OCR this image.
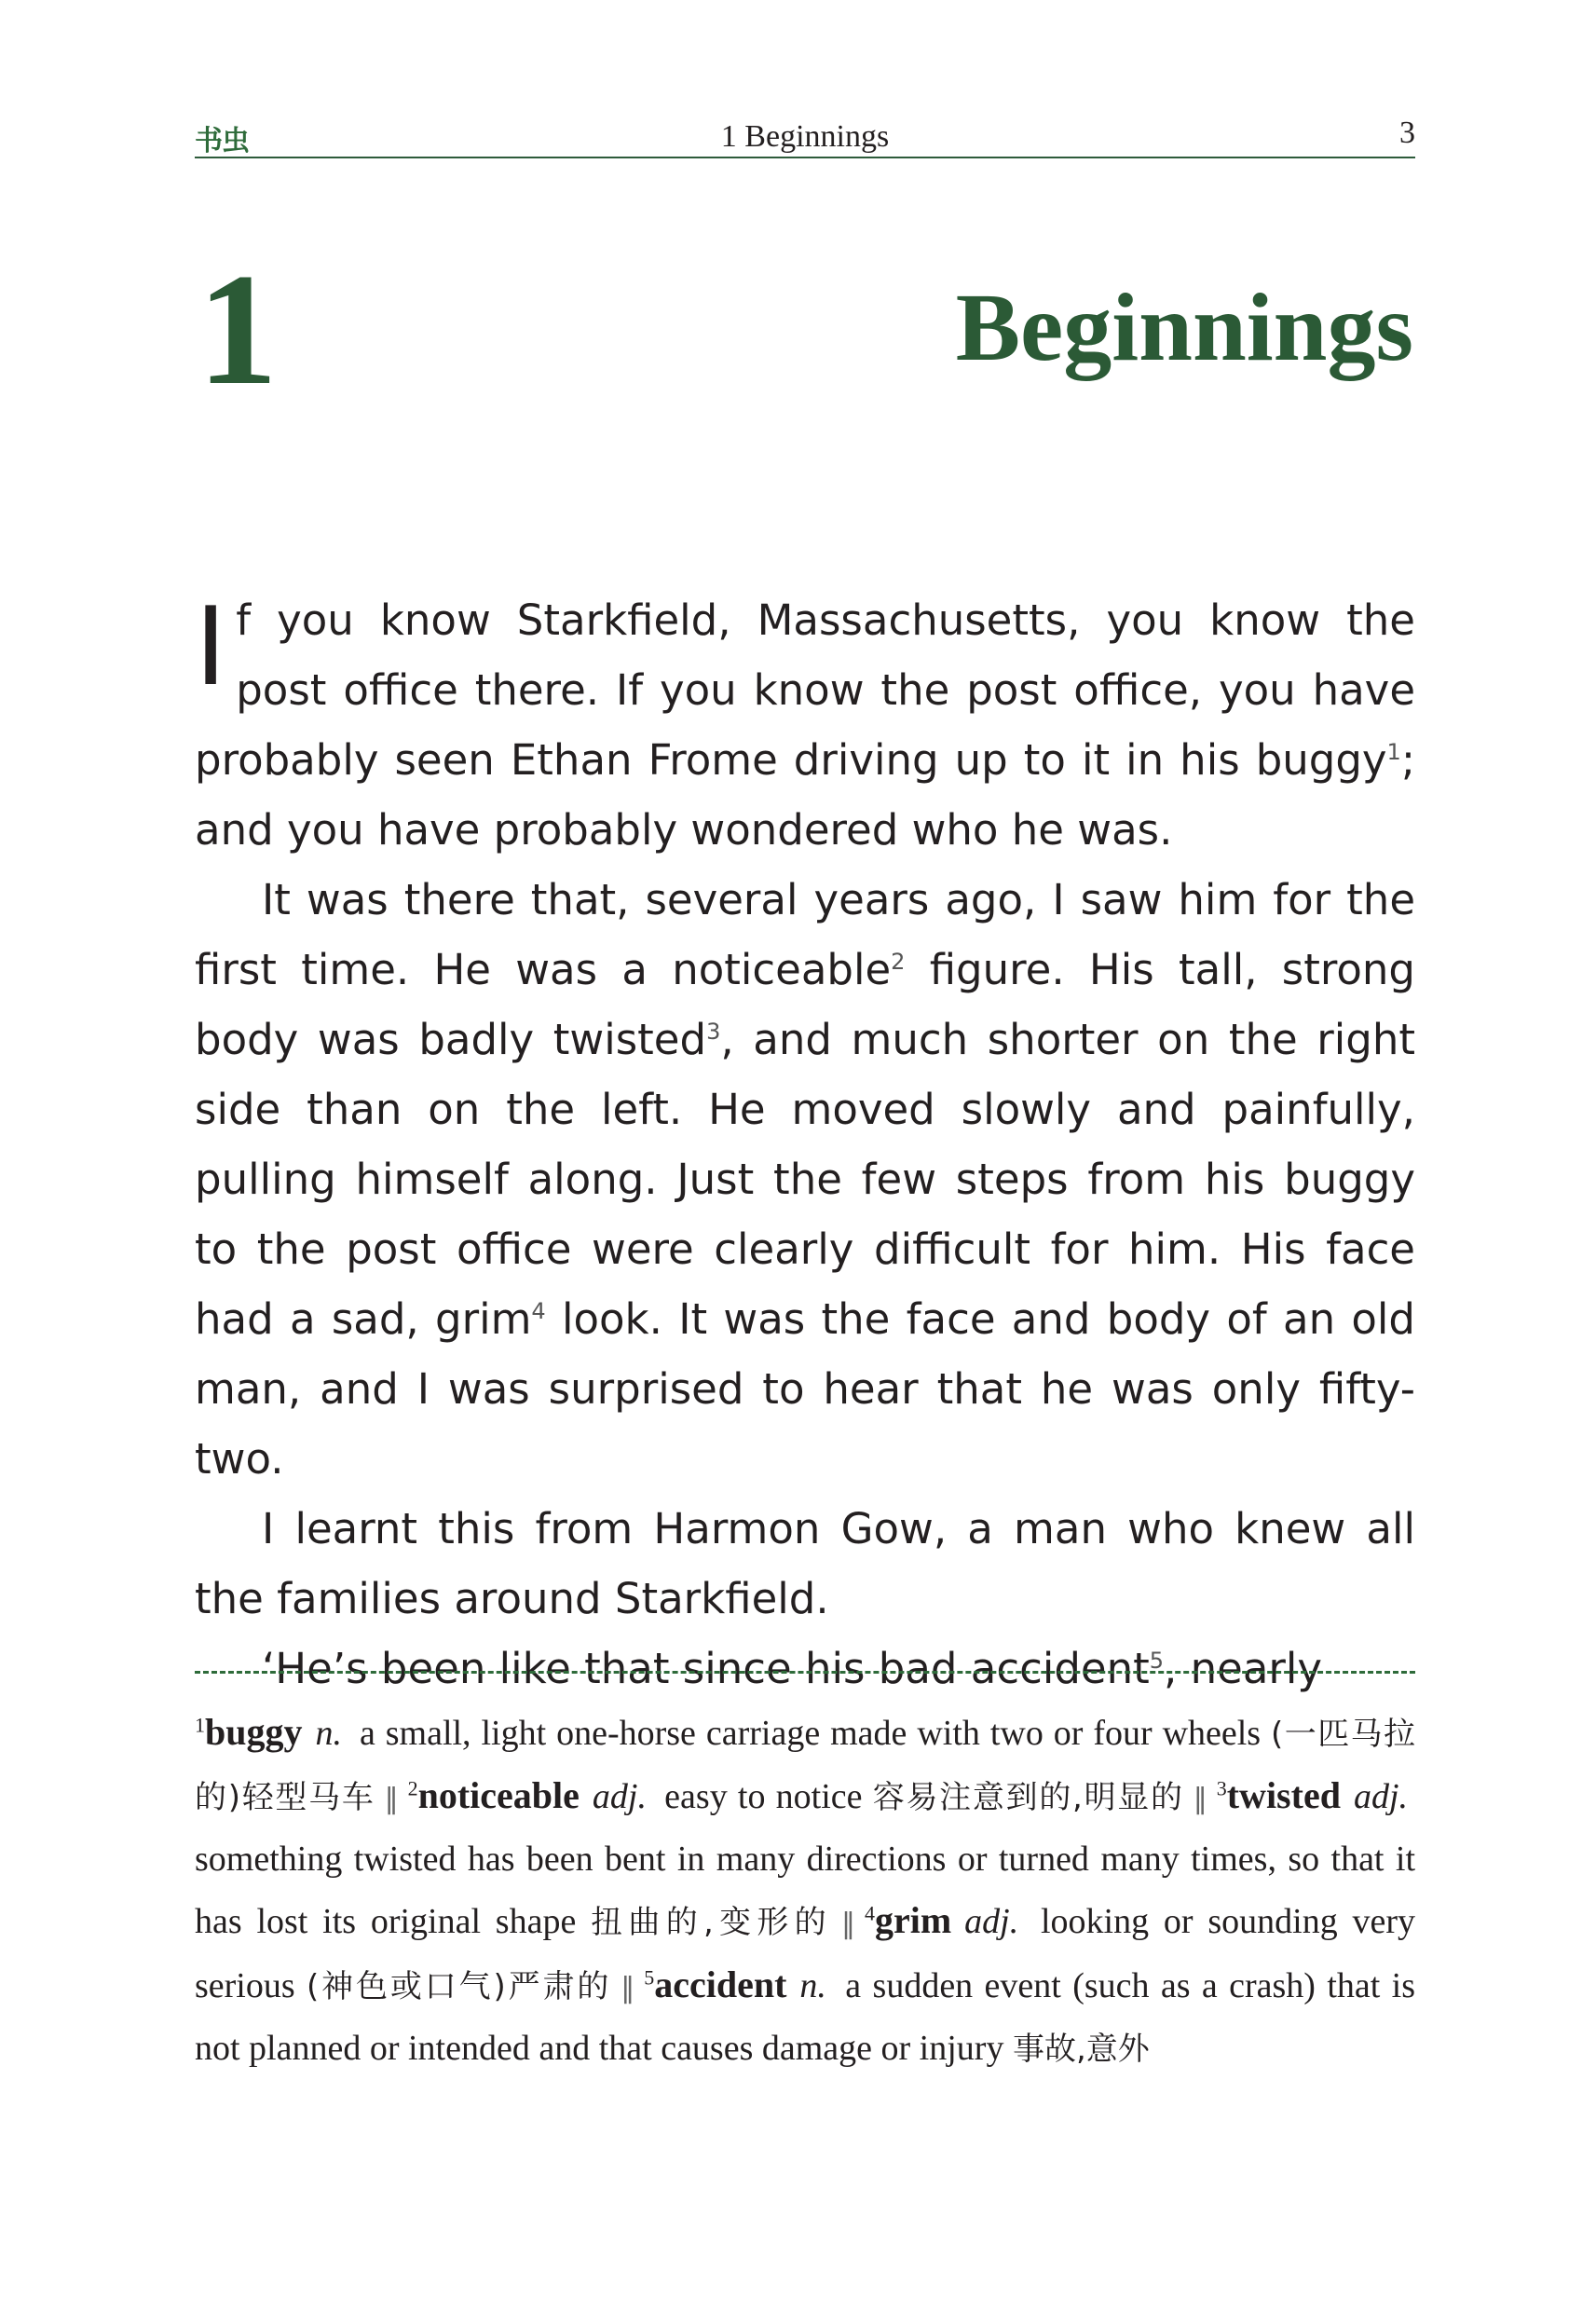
书虫	1 Beginnings	3
1	Beginnings

If you know Starkfield, Massachusetts, you know the post office there. If you know the post office, you have probably seen Ethan Frome driving up to it in his buggy$^1$; and you have probably wondered who he was.

It was there that, several years ago, I saw him for the first time. He was a noticeable$^2$ figure. His tall, strong body was badly twisted$^3$, and much shorter on the right side than on the left. He moved slowly and painfully, pulling himself along. Just the few steps from his buggy to the post office were clearly difficult for him. His face had a sad, grim$^4$ look. It was the face and body of an old man, and I was surprised to hear that he was only fifty-two.

I learnt this from Harmon Gow, a man who knew all the families around Starkfield.

‘He’s been like that since his bad accident$^5$, nearly

$^1$buggy n. a small, light one-horse carriage made with two or four wheels (一匹马拉的)轻型马车 ‖ $^2$noticeable adj. easy to notice 容易注意到的,明显的 ‖ $^3$twisted adj. something twisted has been bent in many directions or turned many times, so that it has lost its original shape 扭曲的,变形的 ‖ $^4$grim adj. looking or sounding very serious (神色或口气)严肃的 ‖ $^5$accident n. a sudden event (such as a crash) that is not planned or intended and that causes damage or injury 事故,意外
